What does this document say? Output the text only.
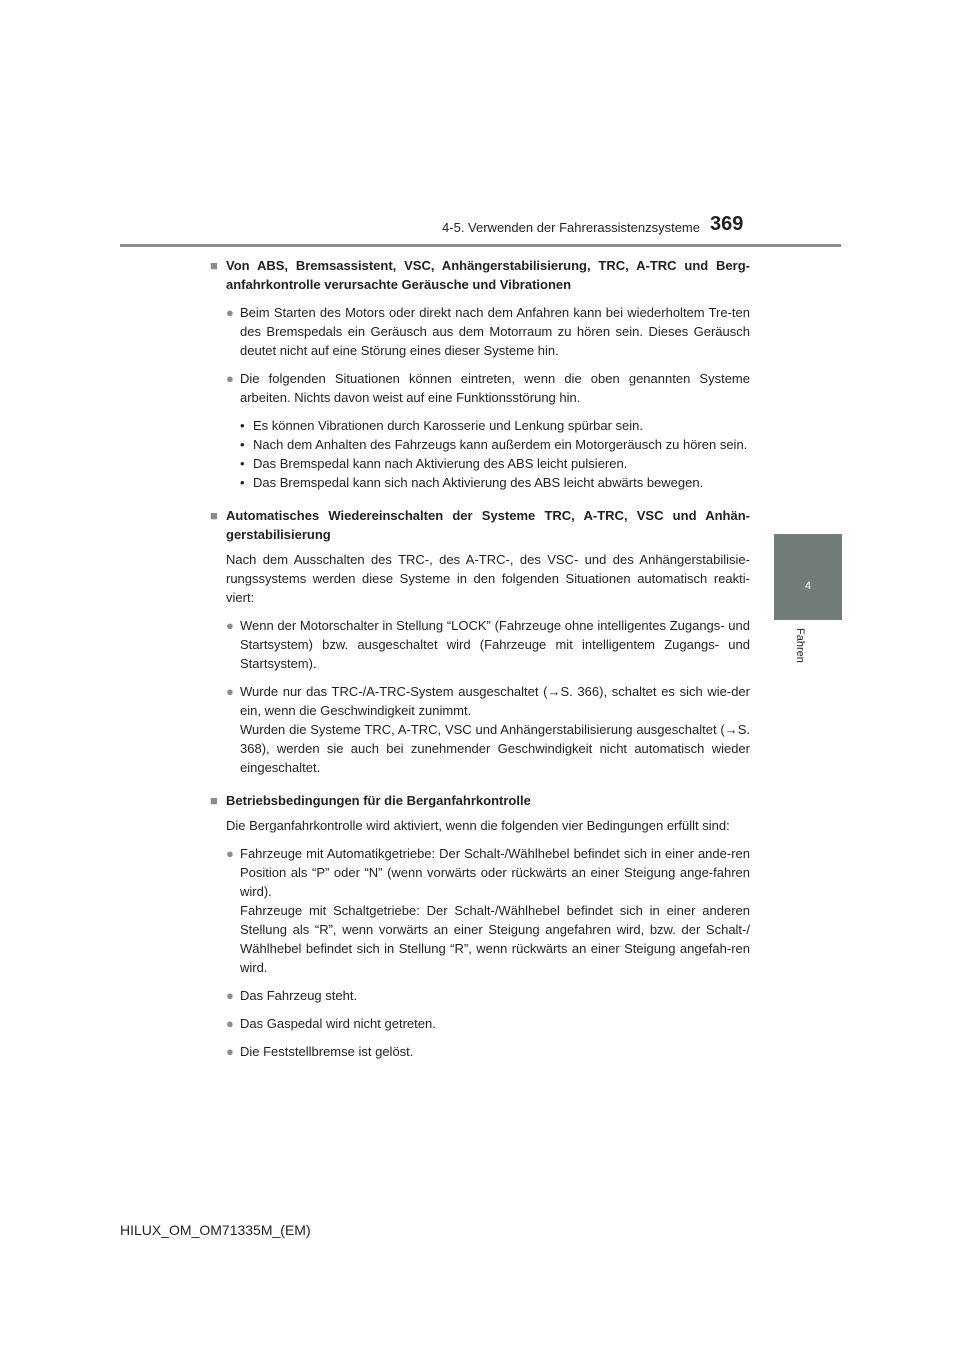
4-5. Verwenden der Fahrerassistenzsysteme 369
4
Fahren
■ Von ABS, Bremsassistent, VSC, Anhängerstabilisierung, TRC, A-TRC und Berg-anfahrkontrolle verursachte Geräusche und Vibrationen
● Beim Starten des Motors oder direkt nach dem Anfahren kann bei wiederholtem Tre-ten des Bremspedals ein Geräusch aus dem Motorraum zu hören sein. Dieses Geräusch deutet nicht auf eine Störung eines dieser Systeme hin.
● Die folgenden Situationen können eintreten, wenn die oben genannten Systeme arbeiten. Nichts davon weist auf eine Funktionsstörung hin.
• Es können Vibrationen durch Karosserie und Lenkung spürbar sein.
• Nach dem Anhalten des Fahrzeugs kann außerdem ein Motorgeräusch zu hören sein.
• Das Bremspedal kann nach Aktivierung des ABS leicht pulsieren.
• Das Bremspedal kann sich nach Aktivierung des ABS leicht abwärts bewegen.
■ Automatisches Wiedereinschalten der Systeme TRC, A-TRC, VSC und Anhän-gerstabilisierung
Nach dem Ausschalten des TRC-, des A-TRC-, des VSC- und des Anhängerstabilisie-rungssystems werden diese Systeme in den folgenden Situationen automatisch reakti-viert:
● Wenn der Motorschalter in Stellung “LOCK” (Fahrzeuge ohne intelligentes Zugangs- und Startsystem) bzw. ausgeschaltet wird (Fahrzeuge mit intelligentem Zugangs- und Startsystem).
● Wurde nur das TRC-/A-TRC-System ausgeschaltet (→S. 366), schaltet es sich wie-der ein, wenn die Geschwindigkeit zunimmt.
Wurden die Systeme TRC, A-TRC, VSC und Anhängerstabilisierung ausgeschaltet (→S. 368), werden sie auch bei zunehmender Geschwindigkeit nicht automatisch wieder eingeschaltet.
■ Betriebsbedingungen für die Berganfahrkontrolle
Die Berganfahrkontrolle wird aktiviert, wenn die folgenden vier Bedingungen erfüllt sind:
● Fahrzeuge mit Automatikgetriebe: Der Schalt-/Wählhebel befindet sich in einer ande-ren Position als “P” oder “N” (wenn vorwärts oder rückwärts an einer Steigung ange-fahren wird).
Fahrzeuge mit Schaltgetriebe: Der Schalt-/Wählhebel befindet sich in einer anderen Stellung als “R”, wenn vorwärts an einer Steigung angefahren wird, bzw. der Schalt-/ Wählhebel befindet sich in Stellung “R”, wenn rückwärts an einer Steigung angefah-ren wird.
● Das Fahrzeug steht.
● Das Gaspedal wird nicht getreten.
● Die Feststellbremse ist gelöst.
HILUX_OM_OM71335M_(EM)
